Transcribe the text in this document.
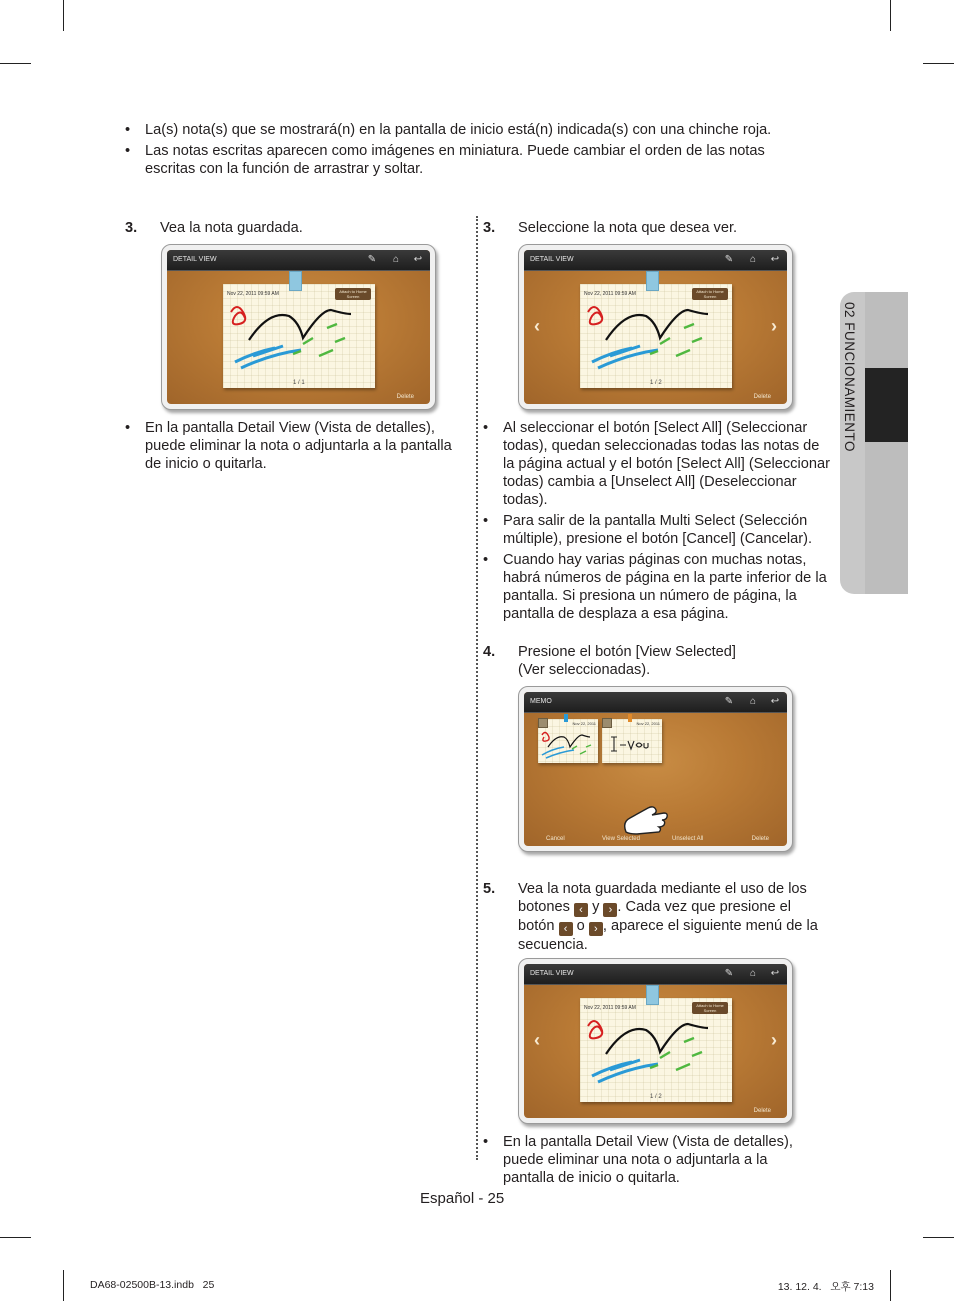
• La(s) nota(s) que se mostrará(n) en la pantalla de inicio está(n) indicada(s) con una chinche roja.
• Las notas escritas aparecen como imágenes en miniatura. Puede cambiar el orden de las notas escritas con la función de arrastrar y soltar.
3. Vea la nota guardada.
DETAIL VIEW	✎	⌂	↩
Nov 22, 2011 09:59 AM	Attach to Home Screen
1 / 1
Delete
• En la pantalla Detail View (Vista de detalles), puede eliminar la nota o adjuntarla a la pantalla de inicio o quitarla.
3. Seleccione la nota que desea ver.
DETAIL VIEW	✎	⌂	↩
‹	›
Nov 22, 2011 09:59 AM	Attach to Home Screen
1 / 2
Delete
• Al seleccionar el botón [Select All] (Seleccionar todas), quedan seleccionadas todas las notas de la página actual y el botón [Select All] (Seleccionar todas) cambia a [Unselect All] (Deseleccionar todas).
• Para salir de la pantalla Multi Select (Selección múltiple), presione el botón [Cancel] (Cancelar).
• Cuando hay varias páginas con muchas notas, habrá números de página en la parte inferior de la pantalla. Si presiona un número de página, la pantalla de desplaza a esa página.
4. Presione el botón [View Selected]
(Ver seleccionadas).
MEMO	✎	⌂	↩
Nov 22, 2011	Nov 22, 2011
Cancel	View Selected	Unselect All	Delete
5. Vea la nota guardada mediante el uso de los botones ‹ y › . Cada vez que presione el botón ‹ o › , aparece el siguiente menú de la secuencia.
DETAIL VIEW	✎	⌂	↩
‹	›
Nov 22, 2011 09:59 AM	Attach to Home Screen
1 / 2
Delete
• En la pantalla Detail View (Vista de detalles), puede eliminar una nota o adjuntarla a la pantalla de inicio o quitarla.
02 FUNCIONAMIENTO
Español - 25
DA68-02500B-13.indb   25	13. 12. 4.   오후 7:13
